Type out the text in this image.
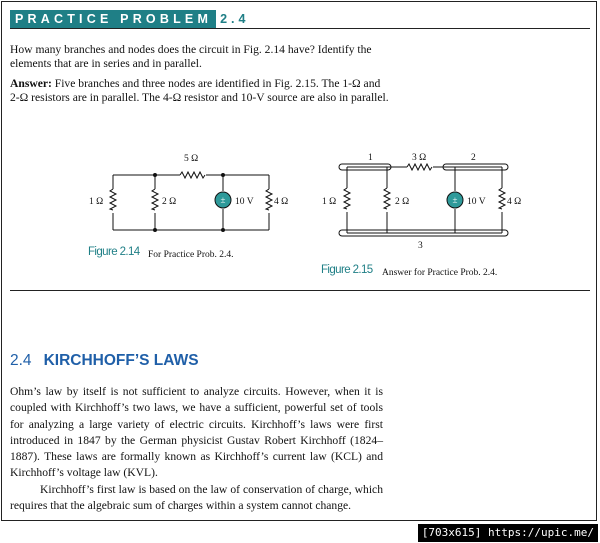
PRACTICE PROBLEM 2.4
How many branches and nodes does the circuit in Fig. 2.14 have? Identify the elements that are in series and in parallel.
Answer: Five branches and three nodes are identified in Fig. 2.15. The 1-Ω and 2-Ω resistors are in parallel. The 4-Ω resistor and 10-V source are also in parallel.
±
5 Ω
1 Ω	2 Ω	10 V 4 Ω	±
1	3 Ω	2
1 Ω	2 Ω	10 V 4 Ω
3
Figure 2.14 For Practice Prob. 2.4.
Figure 2.15 Answer for Practice Prob. 2.4.
2.4 KIRCHHOFF’S LAWS

Ohm’s law by itself is not sufficient to analyze circuits. However, when it is coupled with Kirchhoff’s two laws, we have a sufficient, powerful set of tools for analyzing a large variety of electric circuits. Kirchhoff’s laws were first introduced in 1847 by the German physicist Gustav Robert Kirchhoff (1824–1887). These laws are formally known as Kirchhoff’s current law (KCL) and Kirchhoff’s voltage law (KVL).

Kirchhoff’s first law is based on the law of conservation of charge, which requires that the algebraic sum of charges within a system cannot change.

[703x615] https://upic.me/
